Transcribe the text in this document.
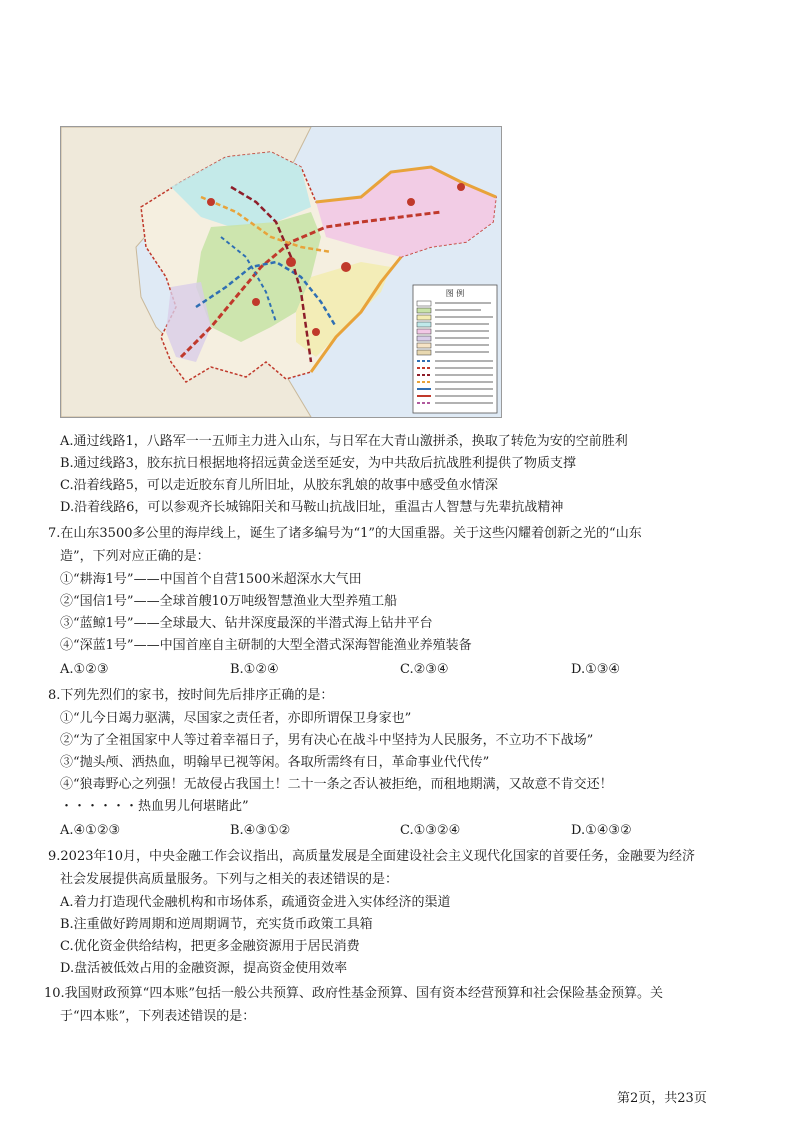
图 例
A.通过线路1，八路军一一五师主力进入山东，与日军在大青山激拼杀，换取了转危为安的空前胜利
B.通过线路3，胶东抗日根据地将招远黄金送至延安，为中共敌后抗战胜利提供了物质支撑
C.沿着线路5，可以走近胶东育儿所旧址，从胶东乳娘的故事中感受鱼水情深
D.沿着线路6，可以参观齐长城锦阳关和马鞍山抗战旧址，重温古人智慧与先辈抗战精神
7.在山东3500多公里的海岸线上，诞生了诸多编号为“1”的大国重器。关于这些闪耀着创新之光的“山东
造”，下列对应正确的是：
①“耕海1号”——中国首个自营1500米超深水大气田
②“国信1号”——全球首艘10万吨级智慧渔业大型养殖工船
③“蓝鲸1号”——全球最大、钻井深度最深的半潜式海上钻井平台
④“深蓝1号”——中国首座自主研制的大型全潜式深海智能渔业养殖装备
A.①②③	B.①②④	C.②③④	D.①③④
8.下列先烈们的家书，按时间先后排序正确的是：
①“儿今日竭力驱满，尽国家之责任者，亦即所谓保卫身家也”
②“为了全祖国家中人等过着幸福日子，男有决心在战斗中坚持为人民服务，不立功不下战场”
③“抛头颅、洒热血，明翰早已视等闲。各取所需终有日，革命事业代代传”
④“狼毒野心之列强！无故侵占我国土！二十一条之否认被拒绝，而租地期满，又故意不肯交还！
・・・・・・热血男儿何堪睹此”
A.④①②③	B.④③①②	C.①③②④	D.①④③②
9.2023年10月，中央金融工作会议指出，高质量发展是全面建设社会主义现代化国家的首要任务，金融要为经济
社会发展提供高质量服务。下列与之相关的表述错误的是：
A.着力打造现代金融机构和市场体系，疏通资金进入实体经济的渠道
B.注重做好跨周期和逆周期调节，充实货币政策工具箱
C.优化资金供给结构，把更多金融资源用于居民消费
D.盘活被低效占用的金融资源，提高资金使用效率
10.我国财政预算“四本账”包括一般公共预算、政府性基金预算、国有资本经营预算和社会保险基金预算。关
于“四本账”，下列表述错误的是：
第2页，共23页
